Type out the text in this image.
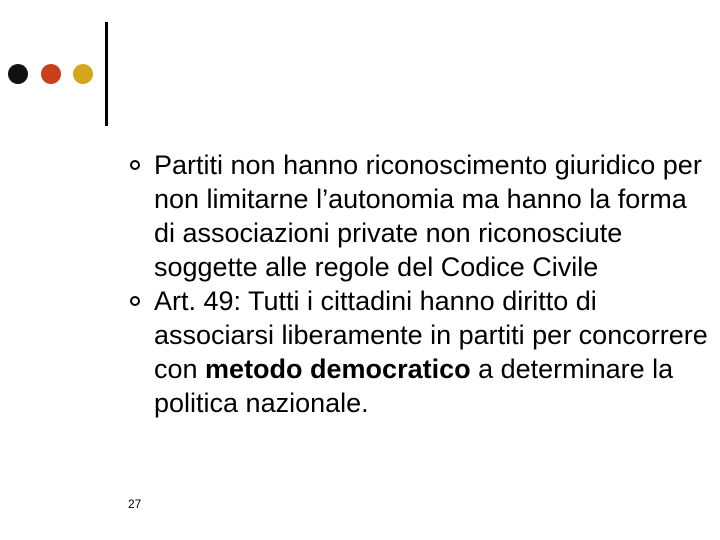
Partiti non hanno riconoscimento giuridico per non limitarne l’autonomia ma hanno la forma di associazioni private non riconosciute soggette alle regole del Codice Civile
Art. 49: Tutti i cittadini hanno diritto di associarsi liberamente in partiti per concorrere con metodo democratico a determinare la politica nazionale.
27
